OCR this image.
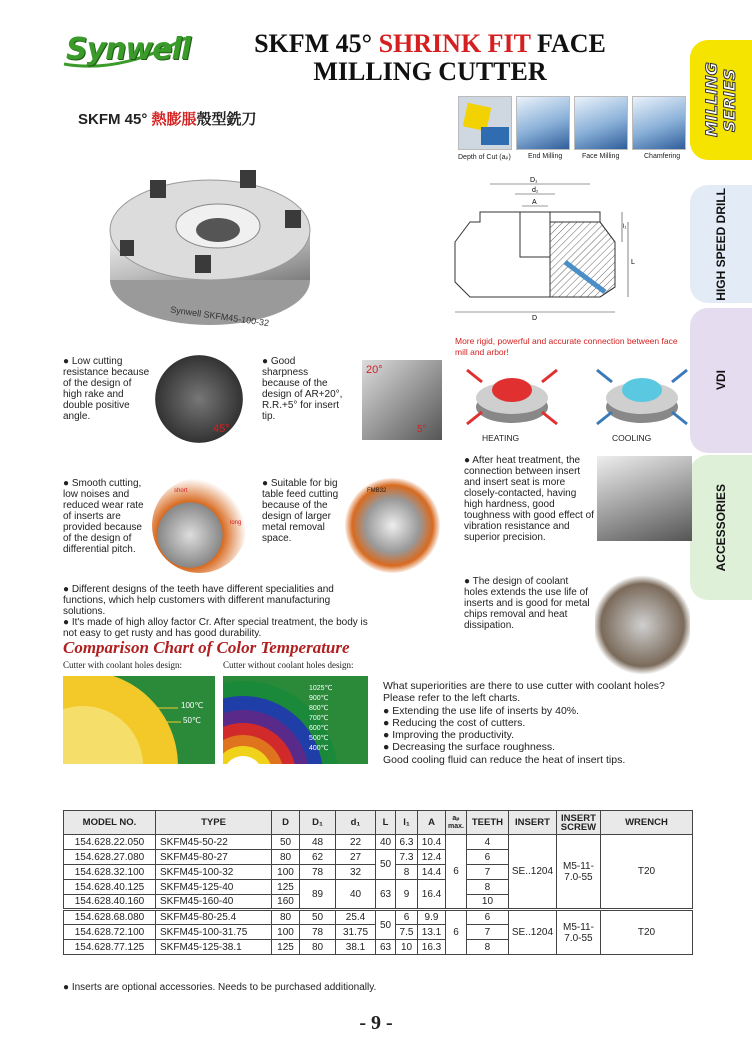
Synwell	SKFM 45° SHRINK FIT FACE
MILLING CUTTER	MILLING SERIES
HIGH SPEED DRILL
VDI
ACCESSORIES
SKFM 45° 熱膨脹殼型銑刀
Depth of Cut (aₚ) End Milling	Face Milling	Chamfering
Synwell SKFM45-100-32
D₁
d₁
A
D
L
l₁
More rigid, powerful and accurate connection between face mill and arbor!
HEATING	COOLING
● Low cutting resistance because of the design of high rake and double positive angle.
45°
● Good sharpness because of the design of AR+20°, R.R.+5° for insert tip.
20°
5°
● Smooth cutting, low noises and reduced wear rate of inserts are provided because of the design of differential pitch.
short
long
● Suitable for big table feed cutting because of the design of larger metal removal space.
FMB32
● After heat treatment, the connection between insert and insert seat is more closely-contacted, having high hardness, good toughness with good effect of vibration resistance and superior precision.
● The design of coolant holes extends the use life of inserts and is good for metal chips removal and heat dissipation.
● Different designs of the teeth have different specialities and functions, which help customers with different manufacturing solutions.
● It's made of high alloy factor Cr. After special treatment, the body is not easy to get rusty and has good durability.
Comparison Chart of Color Temperature
Cutter with coolant holes design:	Cutter without coolant holes design:
100℃
50℃
1025℃
900℃
800℃
700℃
600℃
500℃
400℃
What superiorities are there to use cutter with coolant holes?
Please refer to the left charts.
● Extending the use life of inserts by 40%.
● Reducing the cost of cutters.
● Improving the productivity.
● Decreasing the surface roughness.
Good cooling fluid can reduce the heat of insert tips.
MODEL NO.	TYPE	D	D₁	d₁	L	l₁	A	aₚ max.	TEETH	INSERT	INSERT SCREW	WRENCH
154.628.22.050	SKFM45-50-22	50	48	22	40	6.3	10.4	6	4	SE..1204	M5-11-7.0-55	T20
154.628.27.080	SKFM45-80-27	80	62	27	50	7.3	12.4		6			
154.628.32.100	SKFM45-100-32	100	78	32		8	14.4		7			
154.628.40.125	SKFM45-125-40	125	89	40	63	9	16.4		8			
154.628.40.160	SKFM45-160-40	160							10			
154.628.68.080	SKFM45-80-25.4	80	50	25.4	50	6	9.9	6	6	SE..1204	M5-11-7.0-55	T20
154.628.72.100	SKFM45-100-31.75	100	78	31.75		7.5	13.1		7			
154.628.77.125	SKFM45-125-38.1	125	80	38.1	63	10	16.3		8			
● Inserts are optional accessories. Needs to be purchased additionally.
- 9 -
